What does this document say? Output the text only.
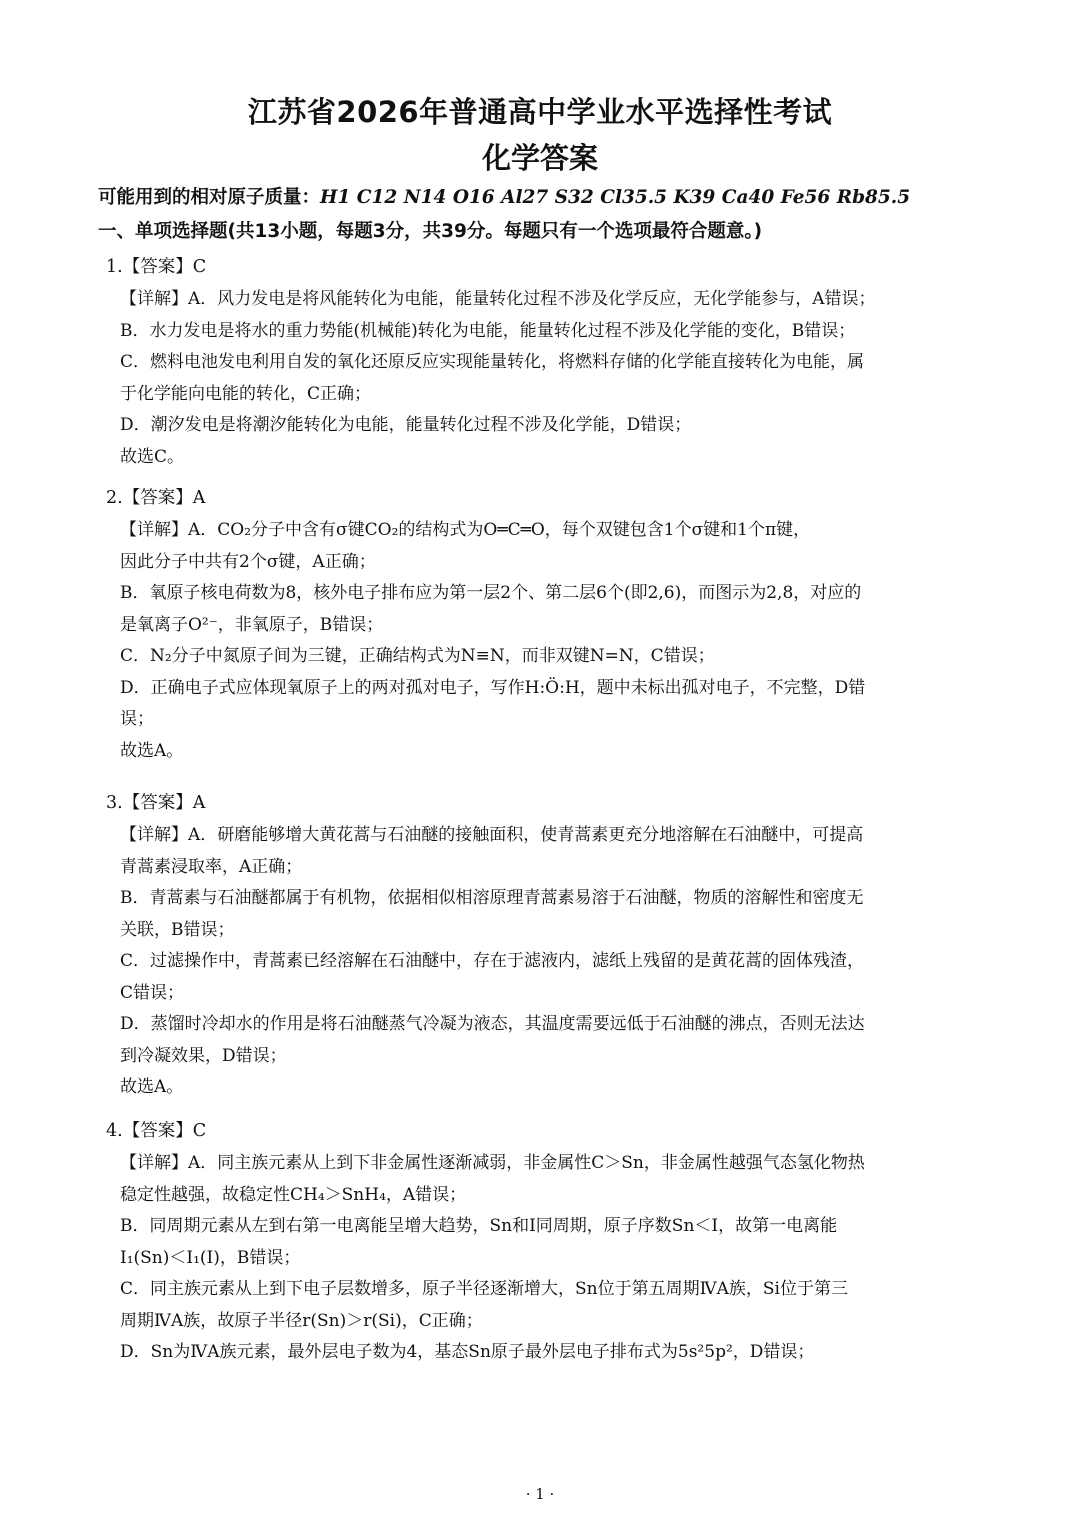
江苏省2026年普通高中学业水平选择性考试
化学答案
可能用到的相对原子质量：H1 C12 N14 O16 Al27 S32 Cl35.5 K39 Ca40 Fe56 Rb85.5
一、单项选择题(共13小题，每题3分，共39分。每题只有一个选项最符合题意。)
1.【答案】C
【详解】A．风力发电是将风能转化为电能，能量转化过程不涉及化学反应，无化学能参与，A错误；
B．水力发电是将水的重力势能(机械能)转化为电能，能量转化过程不涉及化学能的变化，B错误；
C．燃料电池发电利用自发的氧化还原反应实现能量转化，将燃料存储的化学能直接转化为电能，属
于化学能向电能的转化，C正确；
D．潮汐发电是将潮汐能转化为电能，能量转化过程不涉及化学能，D错误；
故选C。
2.【答案】A
【详解】A．CO₂分子中含有σ键CO₂的结构式为O═C═O，每个双键包含1个σ键和1个π键，
因此分子中共有2个σ键，A正确；
B．氧原子核电荷数为8，核外电子排布应为第一层2个、第二层6个(即2,6)，而图示为2,8，对应的
是氧离子O²⁻，非氧原子，B错误；
C．N₂分子中氮原子间为三键，正确结构式为N≡N，而非双键N=N，C错误；
D．正确电子式应体现氧原子上的两对孤对电子，写作H:Ö:H，题中未标出孤对电子，不完整，D错
误；
故选A。
3.【答案】A
【详解】A．研磨能够增大黄花蒿与石油醚的接触面积，使青蒿素更充分地溶解在石油醚中，可提高
青蒿素浸取率，A正确；
B．青蒿素与石油醚都属于有机物，依据相似相溶原理青蒿素易溶于石油醚，物质的溶解性和密度无
关联，B错误；
C．过滤操作中，青蒿素已经溶解在石油醚中，存在于滤液内，滤纸上残留的是黄花蒿的固体残渣，
C错误；
D．蒸馏时冷却水的作用是将石油醚蒸气冷凝为液态，其温度需要远低于石油醚的沸点，否则无法达
到冷凝效果，D错误；
故选A。
4.【答案】C
【详解】A．同主族元素从上到下非金属性逐渐减弱，非金属性C＞Sn，非金属性越强气态氢化物热
稳定性越强，故稳定性CH₄＞SnH₄，A错误；
B．同周期元素从左到右第一电离能呈增大趋势，Sn和I同周期，原子序数Sn＜I，故第一电离能
I₁(Sn)＜I₁(I)，B错误；
C．同主族元素从上到下电子层数增多，原子半径逐渐增大，Sn位于第五周期ⅣA族，Si位于第三
周期ⅣA族，故原子半径r(Sn)＞r(Si)，C正确；
D．Sn为ⅣA族元素，最外层电子数为4，基态Sn原子最外层电子排布式为5s²5p²，D错误；
· 1 ·
